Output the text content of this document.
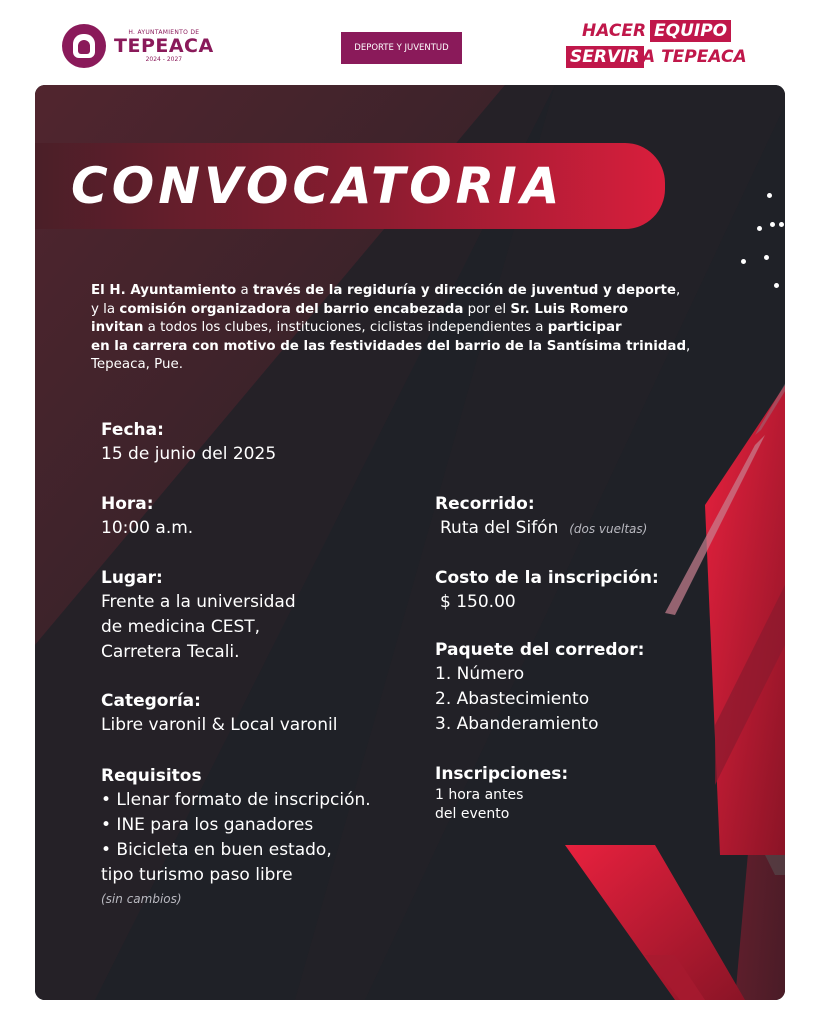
H. AYUNTAMIENTO DE
TEPEACA
2024 - 2027
DEPORTE Y JUVENTUD
HACER EQUIPO
SERVIR A TEPEACA
CONVOCATORIA
El H. Ayuntamiento a través de la regiduría y dirección de juventud y deporte,
y la comisión organizadora del barrio encabezada por el Sr. Luis Romero
invitan a todos los clubes, instituciones, ciclistas independientes a participar
en la carrera con motivo de las festividades del barrio de la Santísima trinidad,
Tepeaca, Pue.
Fecha:
15 de junio del 2025
Hora:
10:00 a.m.
Lugar:
Frente a la universidad
de medicina CEST,
Carretera Tecali.
Categoría:
Libre varonil & Local varonil
Requisitos
• Llenar formato de inscripción.
• INE para los ganadores
• Bicicleta en buen estado,
tipo turismo paso libre
(sin cambios)
Recorrido:
Ruta del Sifón (dos vueltas)
Costo de la inscripción:
$ 150.00
Paquete del corredor:
1. Número
2. Abastecimiento
3. Abanderamiento
Inscripciones:
1 hora antes
del evento
